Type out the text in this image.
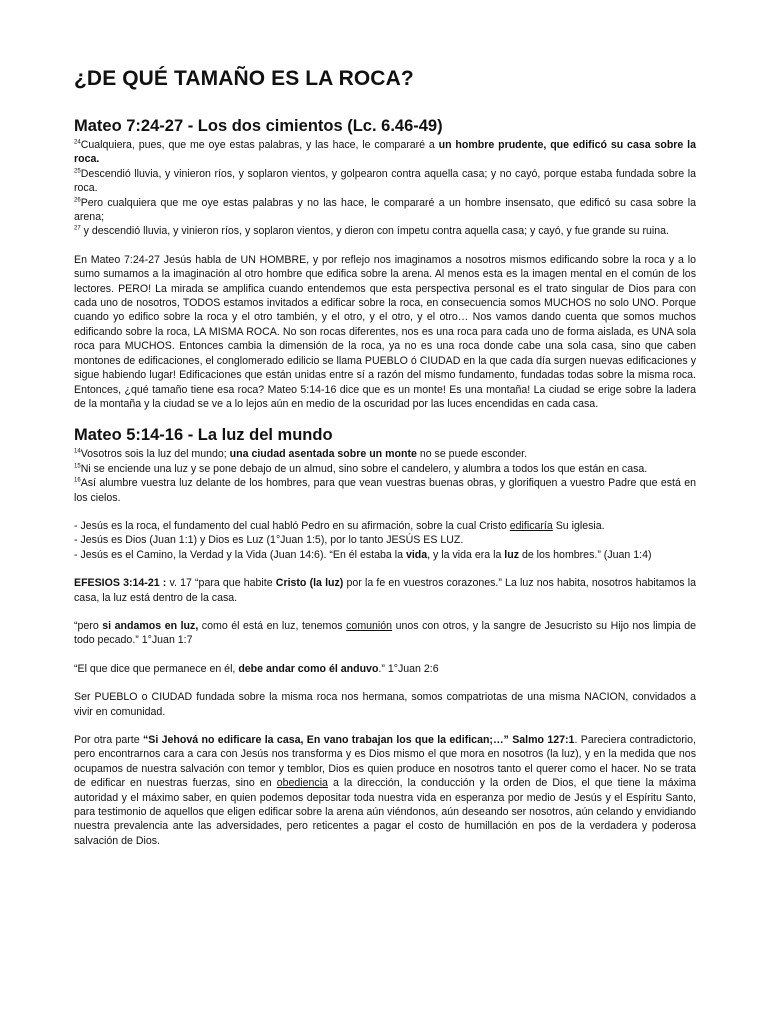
¿DE QUÉ TAMAÑO ES LA ROCA?
Mateo 7:24-27 - Los dos cimientos (Lc. 6.46-49)

$^{24}$Cualquiera, pues, que me oye estas palabras, y las hace, le compararé a un hombre prudente, que edificó su casa sobre la roca.

$^{25}$Descendió lluvia, y vinieron ríos, y soplaron vientos, y golpearon contra aquella casa; y no cayó, porque estaba fundada sobre la roca.

$^{26}$Pero cualquiera que me oye estas palabras y no las hace, le compararé a un hombre insensato, que edificó su casa sobre la arena;

$^{27}$ y descendió lluvia, y vinieron ríos, y soplaron vientos, y dieron con ímpetu contra aquella casa; y cayó, y fue grande su ruina.

En Mateo 7:24-27 Jesús habla de UN HOMBRE, y por reflejo nos imaginamos a nosotros mismos edificando sobre la roca y a lo sumo sumamos a la imaginación al otro hombre que edifica sobre la arena. Al menos esta es la imagen mental en el común de los lectores. PERO! La mirada se amplifica cuando entendemos que esta perspectiva personal es el trato singular de Dios para con cada uno de nosotros, TODOS estamos invitados a edificar sobre la roca, en consecuencia somos MUCHOS no solo UNO. Porque cuando yo edifico sobre la roca y el otro también, y el otro, y el otro, y el otro… Nos vamos dando cuenta que somos muchos edificando sobre la roca, LA MISMA ROCA. No son rocas diferentes, nos es una roca para cada uno de forma aislada, es UNA sola roca para MUCHOS. Entonces cambia la dimensión de la roca, ya no es una roca donde cabe una sola casa, sino que caben montones de edificaciones, el conglomerado edilicio se llama PUEBLO ó CIUDAD en la que cada día surgen nuevas edificaciones y sigue habiendo lugar! Edificaciones que están unidas entre sí a razón del mismo fundamento, fundadas todas sobre la misma roca. Entonces, ¿qué tamaño tiene esa roca? Mateo 5:14-16 dice que es un monte! Es una montaña! La ciudad se erige sobre la ladera de la montaña y la ciudad se ve a lo lejos aún en medio de la oscuridad por las luces encendidas en cada casa.

Mateo 5:14-16 - La luz del mundo

$^{14}$Vosotros sois la luz del mundo; una ciudad asentada sobre un monte no se puede esconder.

$^{15}$Ni se enciende una luz y se pone debajo de un almud, sino sobre el candelero, y alumbra a todos los que están en casa.

$^{16}$Así alumbre vuestra luz delante de los hombres, para que vean vuestras buenas obras, y glorifiquen a vuestro Padre que está en los cielos.

- Jesús es la roca, el fundamento del cual habló Pedro en su afirmación, sobre la cual Cristo edificaría Su iglesia.

- Jesús es Dios (Juan 1:1) y Dios es Luz (1°Juan 1:5), por lo tanto JESÚS ES LUZ.

- Jesús es el Camino, la Verdad y la Vida (Juan 14:6). “En él estaba la vida, y la vida era la luz de los hombres.” (Juan 1:4)

EFESIOS 3:14-21 : v. 17 “para que habite Cristo (la luz) por la fe en vuestros corazones.” La luz nos habita, nosotros habitamos la casa, la luz está dentro de la casa.

“pero si andamos en luz, como él está en luz, tenemos comunión unos con otros, y la sangre de Jesucristo su Hijo nos limpia de todo pecado.” 1°Juan 1:7

“El que dice que permanece en él, debe andar como él anduvo.” 1°Juan 2:6

Ser PUEBLO o CIUDAD fundada sobre la misma roca nos hermana, somos compatriotas de una misma NACION, convidados a vivir en comunidad.

Por otra parte “Si Jehová no edificare la casa, En vano trabajan los que la edifican;…” Salmo 127:1. Pareciera contradictorio, pero encontrarnos cara a cara con Jesús nos transforma y es Dios mismo el que mora en nosotros (la luz), y en la medida que nos ocupamos de nuestra salvación con temor y temblor, Dios es quien produce en nosotros tanto el querer como el hacer. No se trata de edificar en nuestras fuerzas, sino en obediencia a la dirección, la conducción y la orden de Dios, el que tiene la máxima autoridad y el máximo saber, en quien podemos depositar toda nuestra vida en esperanza por medio de Jesús y el Espíritu Santo, para testimonio de aquellos que eligen edificar sobre la arena aún viéndonos, aún deseando ser nosotros, aún celando y envidiando nuestra prevalencia ante las adversidades, pero reticentes a pagar el costo de humillación en pos de la verdadera y poderosa salvación de Dios.
